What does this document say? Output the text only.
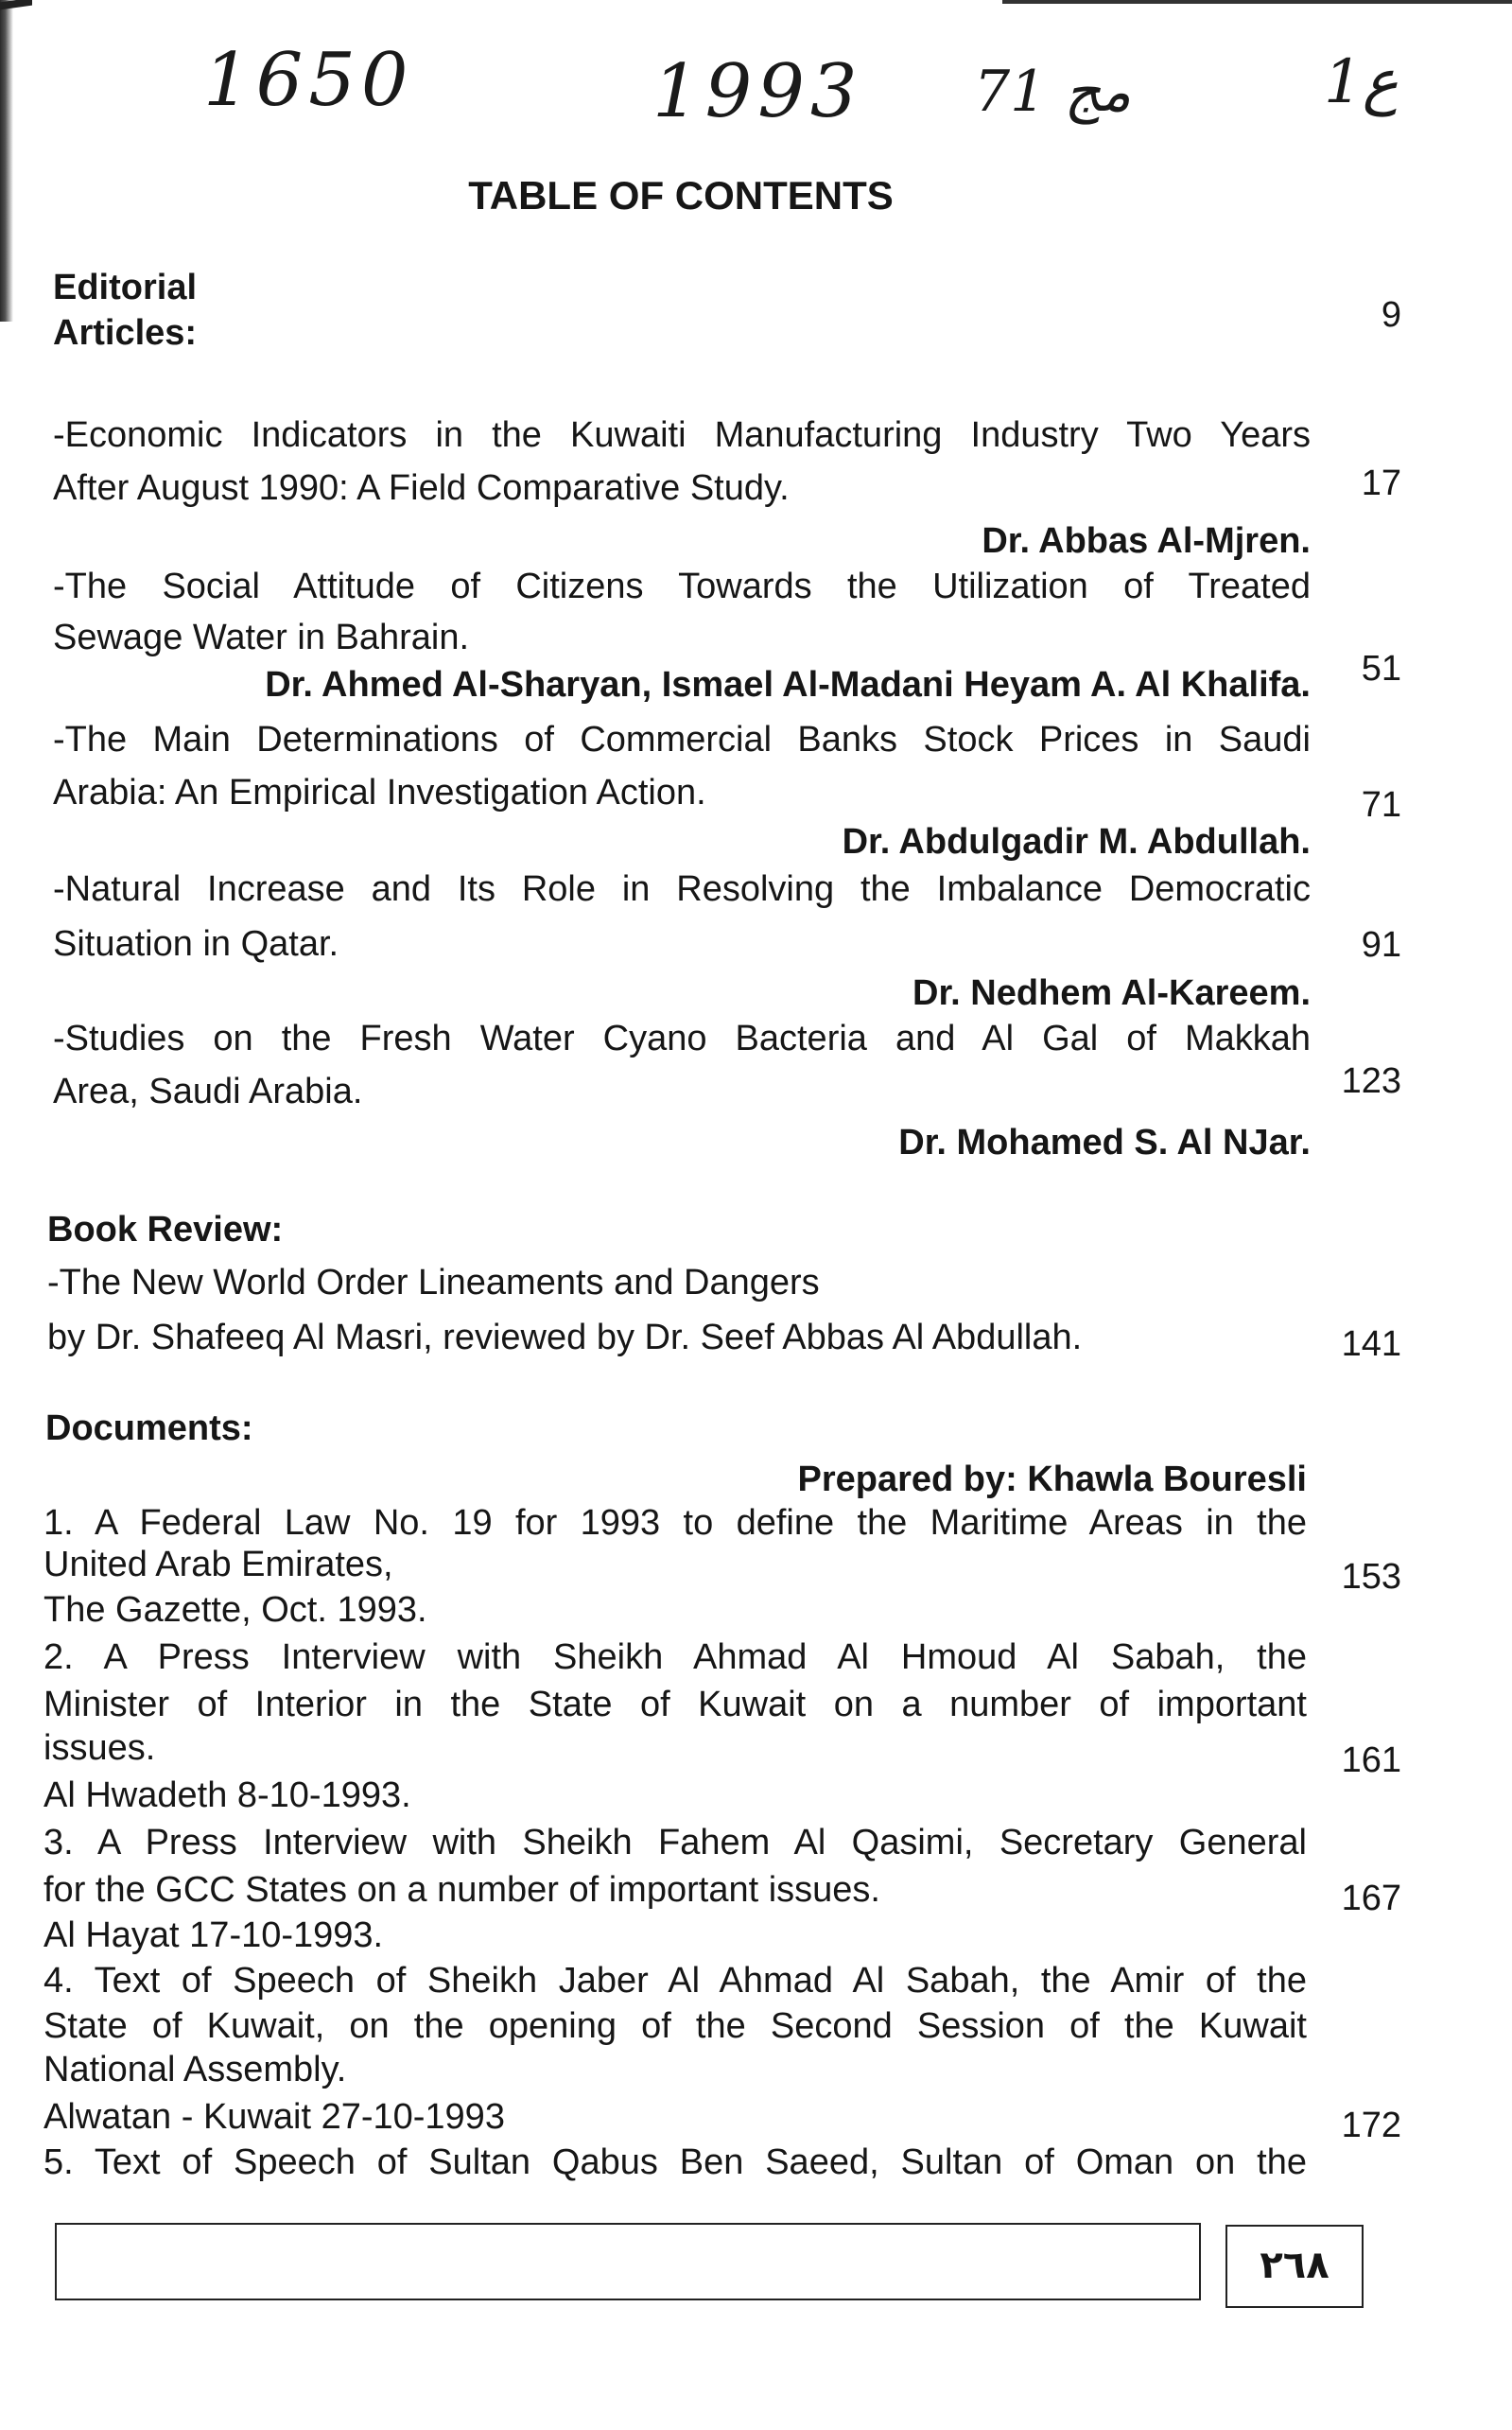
1650	1993 مج 71	ع1
TABLE OF CONTENTS
Editorial
Articles:	9
-Economic Indicators in the Kuwaiti Manufacturing Industry Two Years
After August 1990: A Field Comparative Study.	17
Dr. Abbas Al-Mjren.
-The Social Attitude of Citizens Towards the Utilization of Treated
Sewage Water in Bahrain.
Dr. Ahmed Al-Sharyan, Ismael Al-Madani Heyam A. Al Khalifa.	51
-The Main Determinations of Commercial Banks Stock Prices in Saudi
Arabia: An Empirical Investigation Action.	71
Dr. Abdulgadir M. Abdullah.
-Natural Increase and Its Role in Resolving the Imbalance Democratic
Situation in Qatar.	91
Dr. Nedhem Al-Kareem.
-Studies on the Fresh Water Cyano Bacteria and Al Gal of Makkah
Area, Saudi Arabia.	123
Dr. Mohamed S. Al NJar.
Book Review:
-The New World Order Lineaments and Dangers
by Dr. Shafeeq Al Masri, reviewed by Dr. Seef Abbas Al Abdullah.	141
Documents:
Prepared by: Khawla Bouresli
1. A Federal Law No. 19 for 1993 to define the Maritime Areas in the
United Arab Emirates,
The Gazette, Oct. 1993.
153
2. A Press Interview with Sheikh Ahmad Al Hmoud Al Sabah, the
Minister of Interior in the State of Kuwait on a number of important
issues.
Al Hwadeth 8-10-1993.
161
3. A Press Interview with Sheikh Fahem Al Qasimi, Secretary General
for the GCC States on a number of important issues.
Al Hayat 17-10-1993.
167
4. Text of Speech of Sheikh Jaber Al Ahmad Al Sabah, the Amir of the
State of Kuwait, on the opening of the Second Session of the Kuwait
National Assembly.
Alwatan - Kuwait 27-10-1993	172
5. Text of Speech of Sultan Qabus Ben Saeed, Sultan of Oman on the
٢٦٨
